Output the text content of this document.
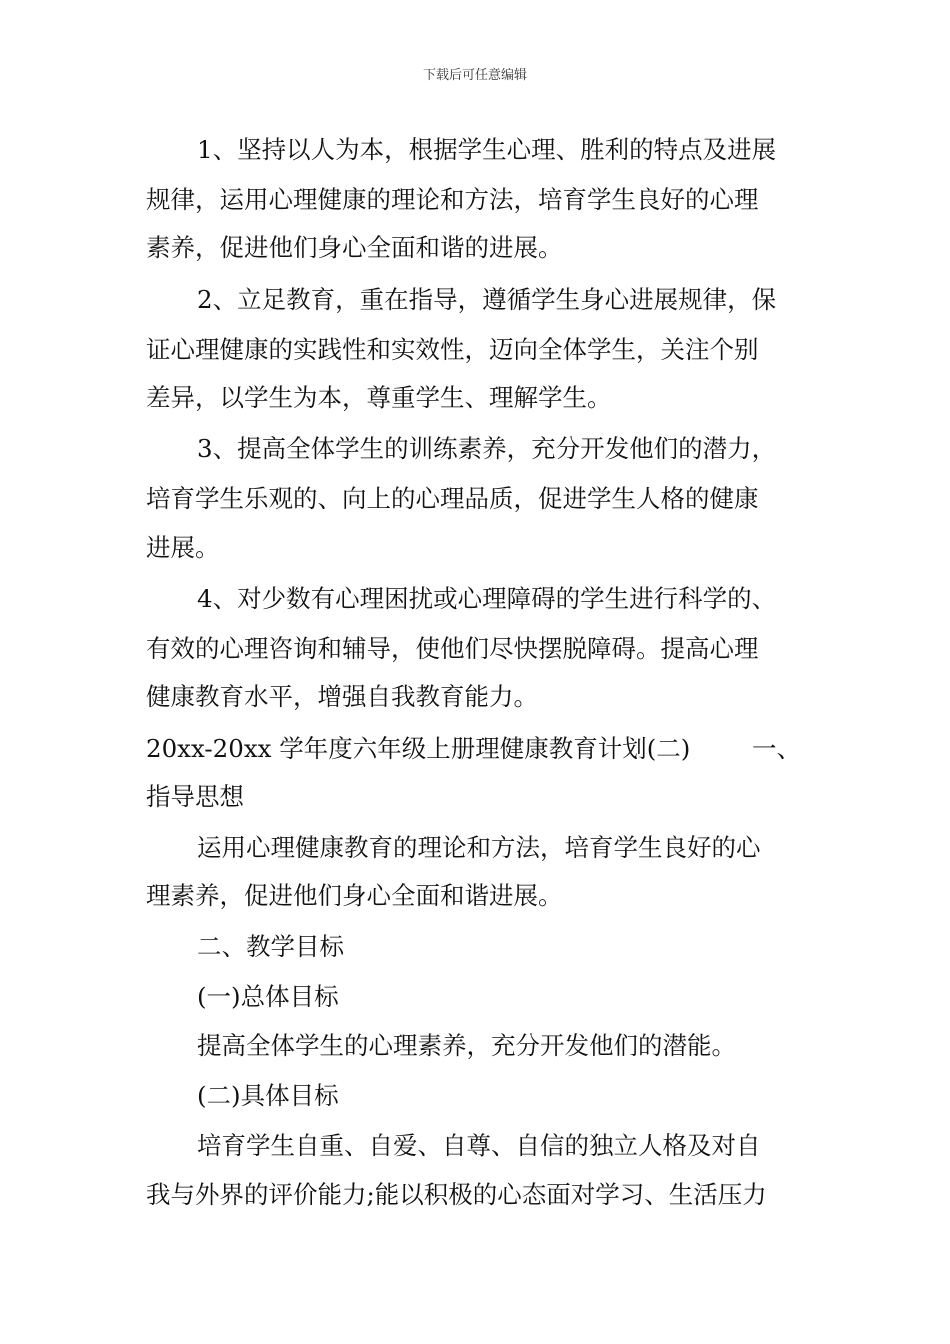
下载后可任意编辑
1、坚持以人为本，根据学生心理、胜利的特点及进展
规律，运用心理健康的理论和方法，培育学生良好的心理
素养，促进他们身心全面和谐的进展。
2、立足教育，重在指导，遵循学生身心进展规律，保
证心理健康的实践性和实效性，迈向全体学生，关注个别
差异，以学生为本，尊重学生、理解学生。
3、提高全体学生的训练素养，充分开发他们的潜力，
培育学生乐观的、向上的心理品质，促进学生人格的健康
进展。
4、对少数有心理困扰或心理障碍的学生进行科学的、
有效的心理咨询和辅导，使他们尽快摆脱障碍。提高心理
健康教育水平，增强自我教育能力。
20xx-20xx 学年度六年级上册理健康教育计划(二)	一、
指导思想
运用心理健康教育的理论和方法，培育学生良好的心
理素养，促进他们身心全面和谐进展。
二、教学目标
(一)总体目标
提高全体学生的心理素养，充分开发他们的潜能。
(二)具体目标
培育学生自重、自爱、自尊、自信的独立人格及对自
我与外界的评价能力;能以积极的心态面对学习、生活压力
